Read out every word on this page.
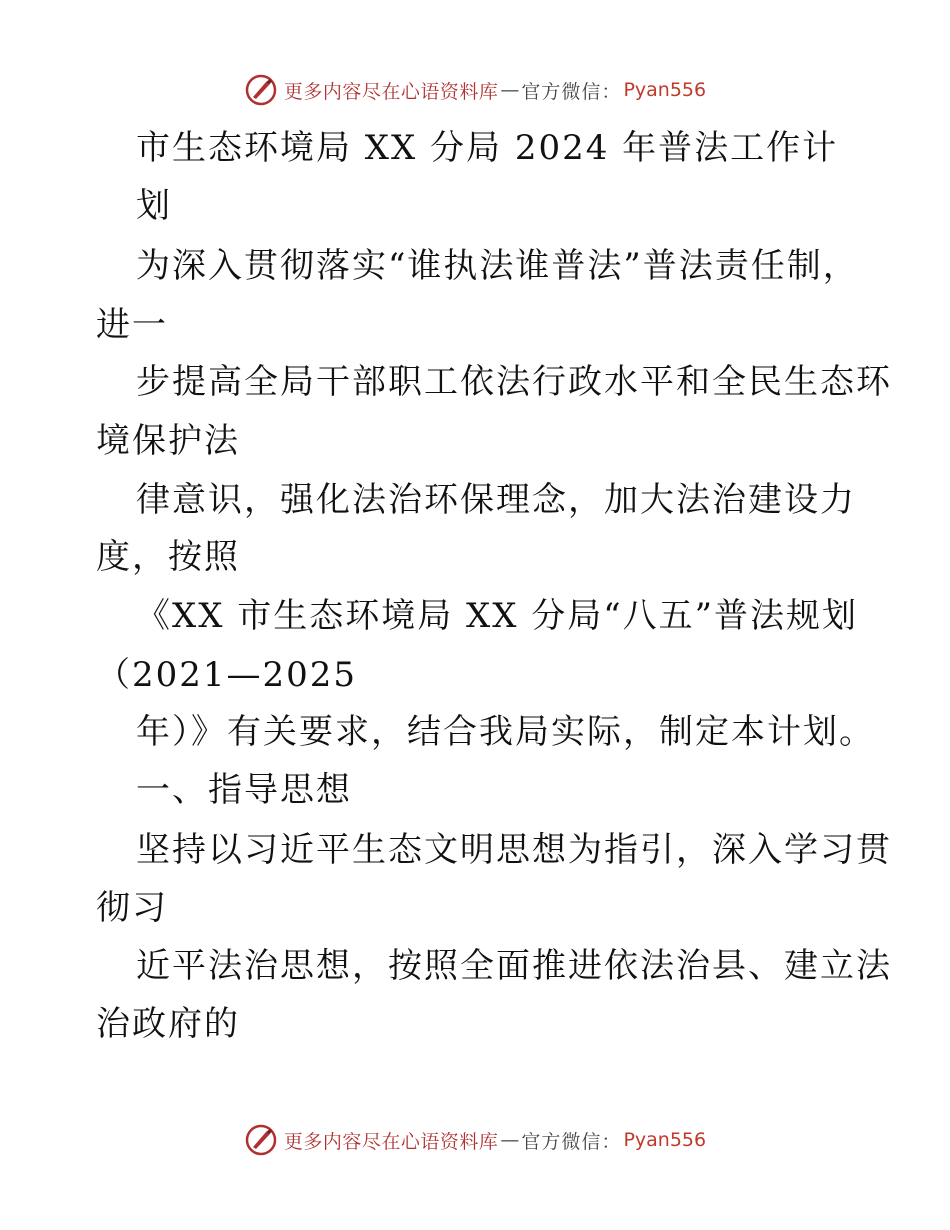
更多内容尽在心语资料库 — 官方微信： Pyan556
市生态环境局 XX 分局 2024 年普法工作计
划
为深入贯彻落实“谁执法谁普法”普法责任制，
进一
步提高全局干部职工依法行政水平和全民生态环
境保护法
律意识，强化法治环保理念，加大法治建设力
度，按照
《XX 市生态环境局 XX 分局“八五”普法规划
（2021—2025
年）》有关要求，结合我局实际，制定本计划。
一、指导思想
坚持以习近平生态文明思想为指引，深入学习贯
彻习
近平法治思想，按照全面推进依法治县、建立法
治政府的
更多内容尽在心语资料库 — 官方微信： Pyan556
